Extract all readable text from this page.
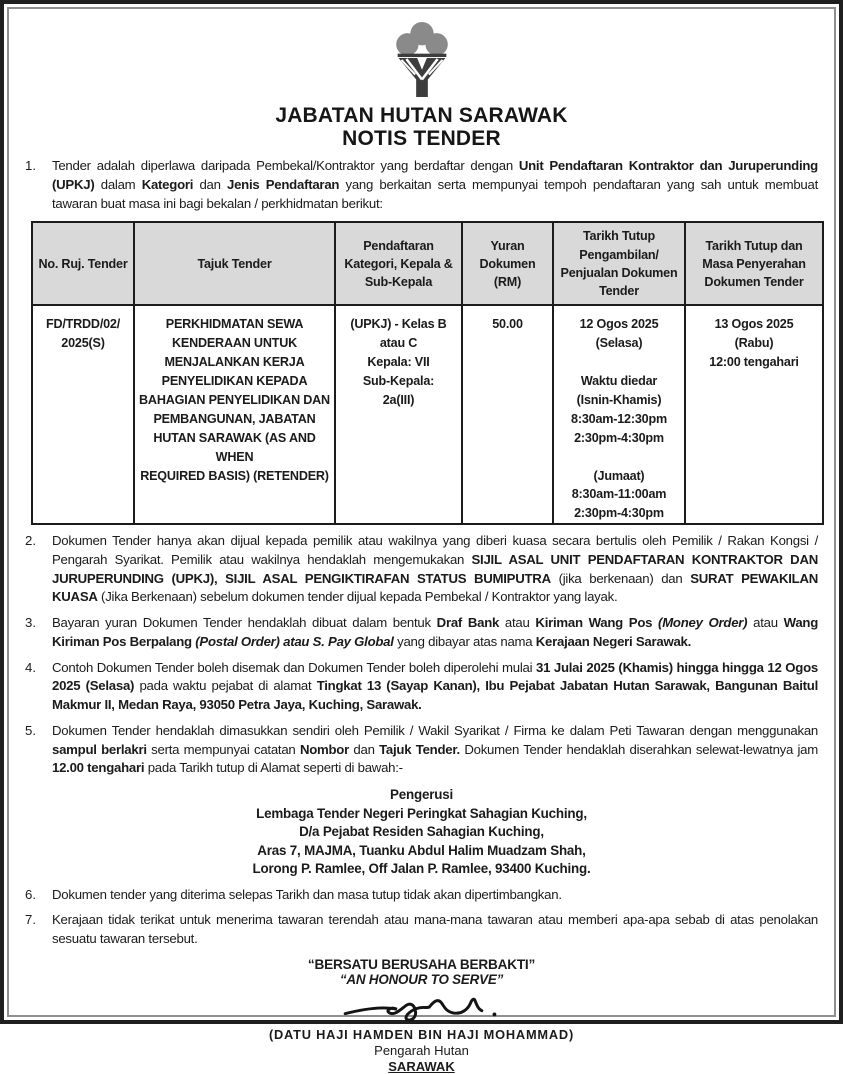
JABATAN HUTAN SARAWAK
NOTIS TENDER
1.	Tender adalah diperlawa daripada Pembekal/Kontraktor yang berdaftar dengan Unit Pendaftaran Kontraktor dan Juruperunding (UPKJ) dalam Kategori dan Jenis Pendaftaran yang berkaitan serta mempunyai tempoh pendaftaran yang sah untuk membuat tawaran buat masa ini bagi bekalan / perkhidmatan berikut:
No. Ruj. Tender	Tajuk Tender	Pendaftaran
Kategori, Kepala &
Sub-Kepala	Yuran
Dokumen (RM)	Tarikh Tutup
Pengambilan/
Penjualan Dokumen
Tender	Tarikh Tutup dan
Masa Penyerahan
Dokumen Tender
FD/TRDD/02/
2025(S)	PERKHIDMATAN SEWA
KENDERAAN UNTUK
MENJALANKAN KERJA
PENYELIDIKAN KEPADA
BAHAGIAN PENYELIDIKAN DAN
PEMBANGUNAN, JABATAN
HUTAN SARAWAK (AS AND WHEN
REQUIRED BASIS) (RETENDER)	(UPKJ) - Kelas B
atau C
Kepala: VII
Sub-Kepala:
2a(III)	50.00	12 Ogos 2025
(Selasa)

Waktu diedar
(Isnin-Khamis)
8:30am-12:30pm
2:30pm-4:30pm

(Jumaat)
8:30am-11:00am
2:30pm-4:30pm	13 Ogos 2025
(Rabu)
12:00 tengahari
2.	Dokumen Tender hanya akan dijual kepada pemilik atau wakilnya yang diberi kuasa secara bertulis oleh Pemilik / Rakan Kongsi / Pengarah Syarikat. Pemilik atau wakilnya hendaklah mengemukakan SIJIL ASAL UNIT PENDAFTARAN KONTRAKTOR DAN JURUPERUNDING (UPKJ), SIJIL ASAL PENGIKTIRAFAN STATUS BUMIPUTRA (jika berkenaan) dan SURAT PEWAKILAN KUASA (Jika Berkenaan) sebelum dokumen tender dijual kepada Pembekal / Kontraktor yang layak.
3.	Bayaran yuran Dokumen Tender hendaklah dibuat dalam bentuk Draf Bank atau Kiriman Wang Pos (Money Order) atau Wang Kiriman Pos Berpalang (Postal Order) atau S. Pay Global yang dibayar atas nama Kerajaan Negeri Sarawak.
4.	Contoh Dokumen Tender boleh disemak dan Dokumen Tender boleh diperolehi mulai 31 Julai 2025 (Khamis) hingga hingga 12 Ogos 2025 (Selasa) pada waktu pejabat di alamat Tingkat 13 (Sayap Kanan), Ibu Pejabat Jabatan Hutan Sarawak, Bangunan Baitul Makmur II, Medan Raya, 93050 Petra Jaya, Kuching, Sarawak.
5.	Dokumen Tender hendaklah dimasukkan sendiri oleh Pemilik / Wakil Syarikat / Firma ke dalam Peti Tawaran dengan menggunakan sampul berlakri serta mempunyai catatan Nombor dan Tajuk Tender. Dokumen Tender hendaklah diserahkan selewat-lewatnya jam 12.00 tengahari pada Tarikh tutup di Alamat seperti di bawah:-
Pengerusi
Lembaga Tender Negeri Peringkat Sahagian Kuching,
D/a Pejabat Residen Sahagian Kuching,
Aras 7, MAJMA, Tuanku Abdul Halim Muadzam Shah,
Lorong P. Ramlee, Off Jalan P. Ramlee, 93400 Kuching.
6.	Dokumen tender yang diterima selepas Tarikh dan masa tutup tidak akan dipertimbangkan.
7.	Kerajaan tidak terikat untuk menerima tawaran terendah atau mana-mana tawaran atau memberi apa-apa sebab di atas penolakan sesuatu tawaran tersebut.
“BERSATU BERUSAHA BERBAKTI”
“AN HONOUR TO SERVE”
(DATU HAJI HAMDEN BIN HAJI MOHAMMAD)
Pengarah Hutan
SARAWAK
